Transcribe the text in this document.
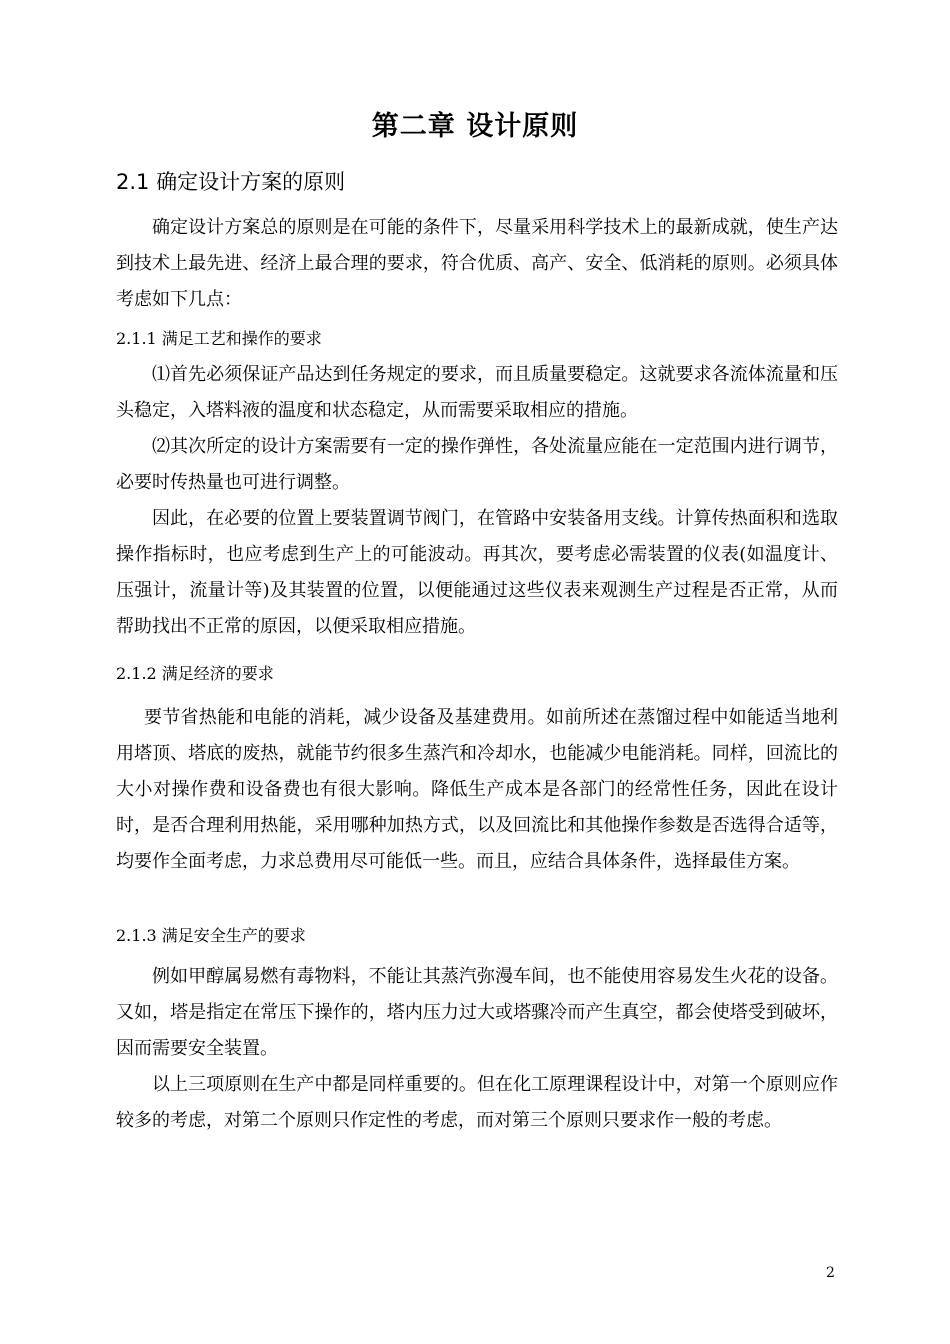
第二章 设计原则
2.1 确定设计方案的原则

确定设计方案总的原则是在可能的条件下，尽量采用科学技术上的最新成就，使生产达到技术上最先进、经济上最合理的要求，符合优质、高产、安全、低消耗的原则。必须具体考虑如下几点：

2.1.1 满足工艺和操作的要求

⑴首先必须保证产品达到任务规定的要求，而且质量要稳定。这就要求各流体流量和压头稳定，入塔料液的温度和状态稳定，从而需要采取相应的措施。

⑵其次所定的设计方案需要有一定的操作弹性，各处流量应能在一定范围内进行调节，必要时传热量也可进行调整。

因此，在必要的位置上要装置调节阀门，在管路中安装备用支线。计算传热面积和选取操作指标时，也应考虑到生产上的可能波动。再其次，要考虑必需装置的仪表(如温度计、压强计，流量计等)及其装置的位置，以便能通过这些仪表来观测生产过程是否正常，从而帮助找出不正常的原因，以便采取相应措施。

2.1.2 满足经济的要求

要节省热能和电能的消耗，减少设备及基建费用。如前所述在蒸馏过程中如能适当地利用塔顶、塔底的废热，就能节约很多生蒸汽和冷却水，也能减少电能消耗。同样，回流比的大小对操作费和设备费也有很大影响。降低生产成本是各部门的经常性任务，因此在设计时，是否合理利用热能，采用哪种加热方式，以及回流比和其他操作参数是否选得合适等，均要作全面考虑，力求总费用尽可能低一些。而且，应结合具体条件，选择最佳方案。

2.1.3 满足安全生产的要求

例如甲醇属易燃有毒物料，不能让其蒸汽弥漫车间，也不能使用容易发生火花的设备。又如，塔是指定在常压下操作的，塔内压力过大或塔骤冷而产生真空，都会使塔受到破坏，因而需要安全装置。

以上三项原则在生产中都是同样重要的。但在化工原理课程设计中，对第一个原则应作较多的考虑，对第二个原则只作定性的考虑，而对第三个原则只要求作一般的考虑。

2
